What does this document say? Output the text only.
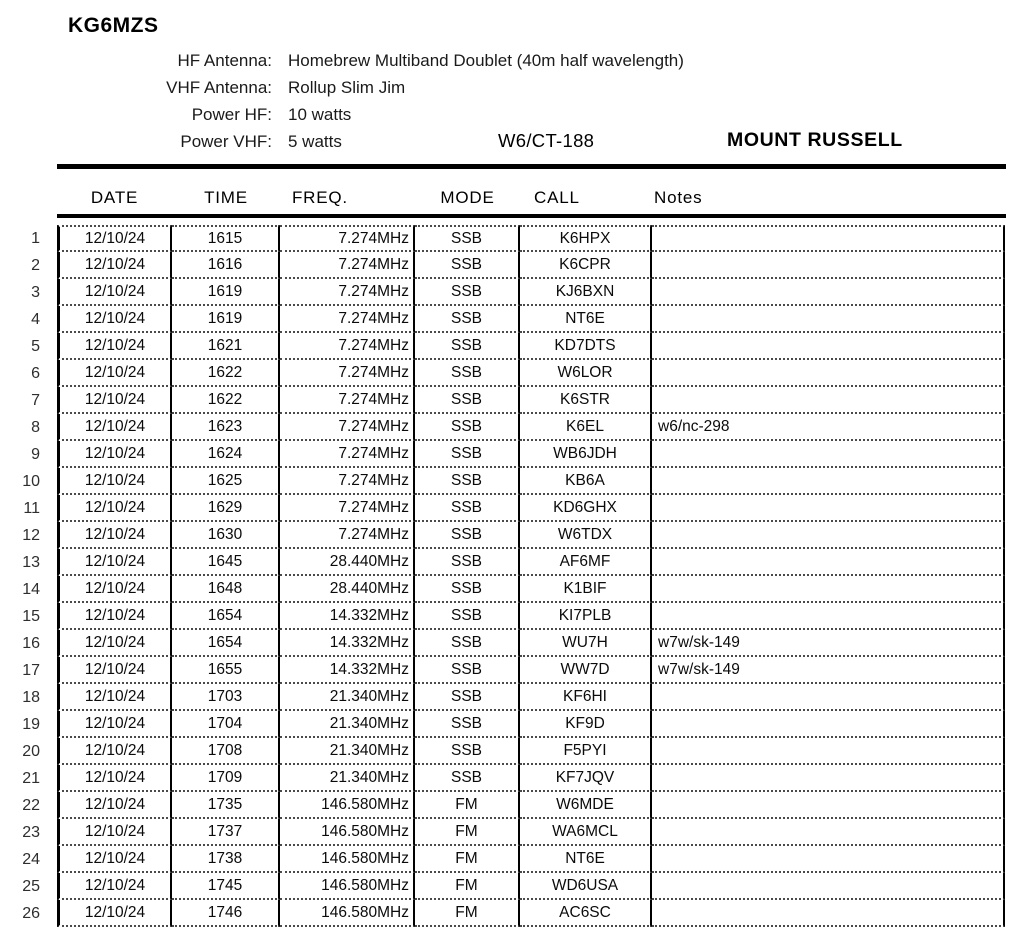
KG6MZS
HF Antenna: Homebrew Multiband Doublet (40m half wavelength)
VHF Antenna: Rollup Slim Jim
Power HF: 10 watts
Power VHF: 5 watts	W6/CT-188	MOUNT RUSSELL
DATE	TIME	FREQ.	MODE	CALL	Notes
1	12/10/24	1615	7.274MHz	SSB	K6HPX
2	12/10/24	1616	7.274MHz	SSB	K6CPR
3	12/10/24	1619	7.274MHz	SSB	KJ6BXN
4	12/10/24	1619	7.274MHz	SSB	NT6E
5	12/10/24	1621	7.274MHz	SSB	KD7DTS
6	12/10/24	1622	7.274MHz	SSB	W6LOR
7	12/10/24	1622	7.274MHz	SSB	K6STR
8	12/10/24	1623	7.274MHz	SSB	K6EL	w6/nc-298
9	12/10/24	1624	7.274MHz	SSB	WB6JDH
10	12/10/24	1625	7.274MHz	SSB	KB6A
11	12/10/24	1629	7.274MHz	SSB	KD6GHX
12	12/10/24	1630	7.274MHz	SSB	W6TDX
13	12/10/24	1645	28.440MHz	SSB	AF6MF
14	12/10/24	1648	28.440MHz	SSB	K1BIF
15	12/10/24	1654	14.332MHz	SSB	KI7PLB
16	12/10/24	1654	14.332MHz	SSB	WU7H	w7w/sk-149
17	12/10/24	1655	14.332MHz	SSB	WW7D	w7w/sk-149
18	12/10/24	1703	21.340MHz	SSB	KF6HI
19	12/10/24	1704	21.340MHz	SSB	KF9D
20	12/10/24	1708	21.340MHz	SSB	F5PYI
21	12/10/24	1709	21.340MHz	SSB	KF7JQV
22	12/10/24	1735	146.580MHz	FM	W6MDE
23	12/10/24	1737	146.580MHz	FM	WA6MCL
24	12/10/24	1738	146.580MHz	FM	NT6E
25	12/10/24	1745	146.580MHz	FM	WD6USA
26	12/10/24	1746	146.580MHz	FM	AC6SC
